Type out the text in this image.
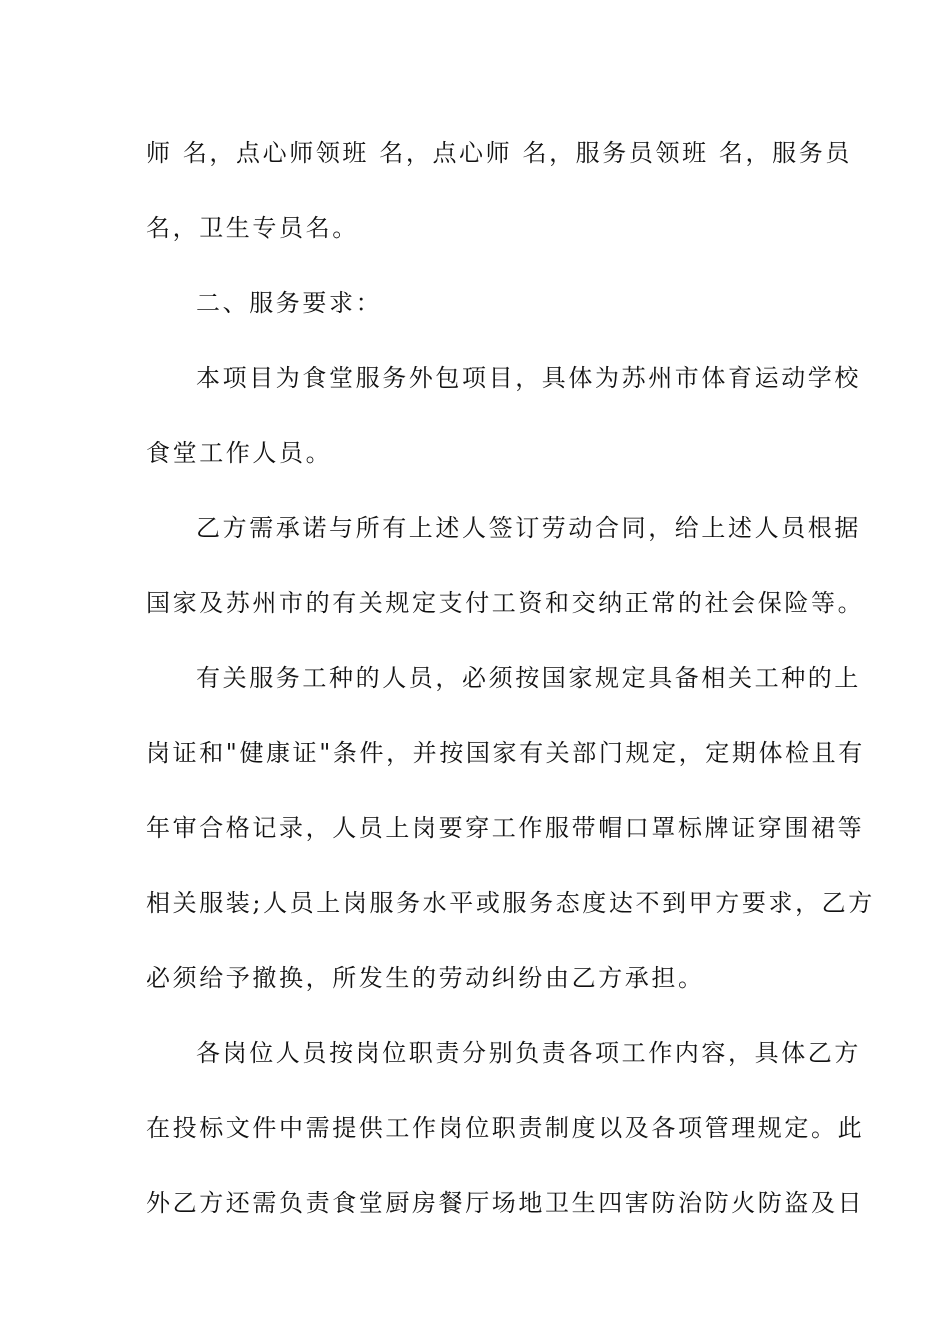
师 名，点心师领班 名，点心师 名，服务员领班 名，服务员
名，卫生专员名。
二、服务要求：
本项目为食堂服务外包项目，具体为苏州市体育运动学校
食堂工作人员。
乙方需承诺与所有上述人签订劳动合同，给上述人员根据
国家及苏州市的有关规定支付工资和交纳正常的社会保险等。
有关服务工种的人员，必须按国家规定具备相关工种的上
岗证和"健康证"条件，并按国家有关部门规定，定期体检且有
年审合格记录，人员上岗要穿工作服带帽口罩标牌证穿围裙等
相关服装;人员上岗服务水平或服务态度达不到甲方要求，乙方
必须给予撤换，所发生的劳动纠纷由乙方承担。
各岗位人员按岗位职责分别负责各项工作内容，具体乙方
在投标文件中需提供工作岗位职责制度以及各项管理规定。此
外乙方还需负责食堂厨房餐厅场地卫生四害防治防火防盗及日
